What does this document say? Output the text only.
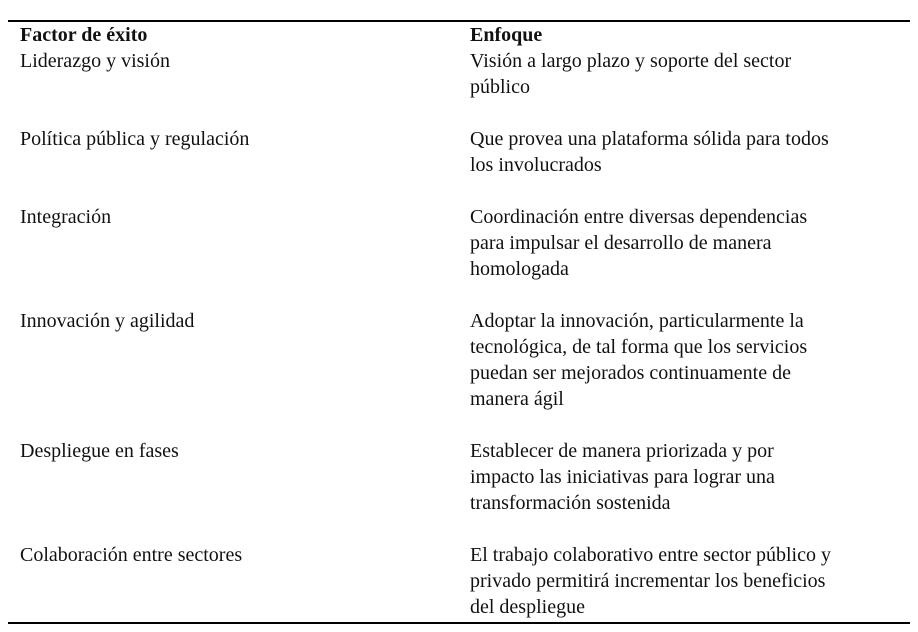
Factor de éxito	Enfoque
Liderazgo y visión	Visión a largo plazo y soporte del sector
público
Política pública y regulación	Que provea una plataforma sólida para todos
los involucrados
Integración	Coordinación entre diversas dependencias
para impulsar el desarrollo de manera
homologada
Innovación y agilidad	Adoptar la innovación, particularmente la
tecnológica, de tal forma que los servicios
puedan ser mejorados continuamente de
manera ágil
Despliegue en fases	Establecer de manera priorizada y por
impacto las iniciativas para lograr una
transformación sostenida
Colaboración entre sectores	El trabajo colaborativo entre sector público y
privado permitirá incrementar los beneficios
del despliegue
